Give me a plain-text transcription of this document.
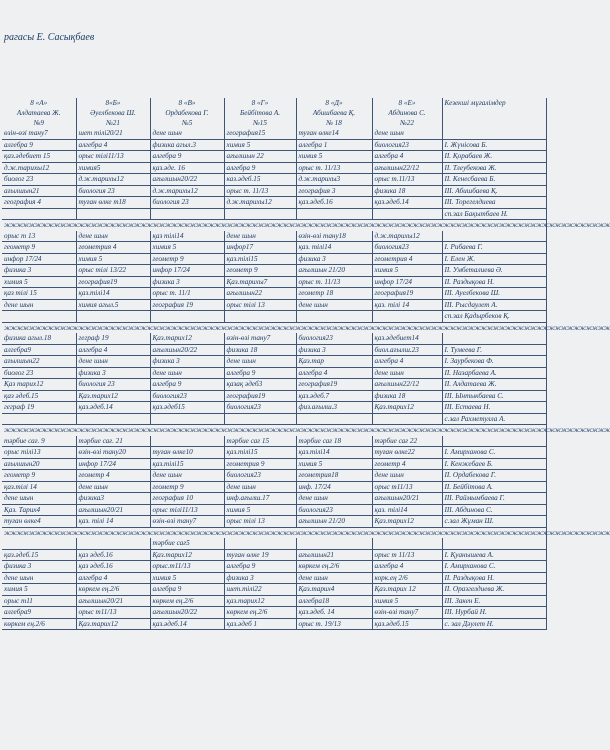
рагасы Е. Сасықбаев
8 «А»	8«Б»	8 «В»	8 «Г»	8 «Д»	8 «Е»	Кезекші мұғалімдер
Алдатаева Ж.	Әуелбекова Ш.	Ордабекова Г.	Бейбітова А.	Абишбаева Қ.	Абдинова С.	
№9	№21	№5	№15	№ 18	№22	
өзін-өзі тану7	шет тілі20/21	дене шын	география15	туған өлке14	дене шын	
алгебра 9	алгебра 4	физика агыл.3	химия 5	алгебра 1	биология23	І. Жүнісова Б.
қаз.әдебиет 15	орыс тілі11/13	алгебра 9	ағылшын 22	химия 5	алгебра 4	ІІ. Қорабаев Ж.
д.ж.тарихы12	химия5	қаз.әде. 16	алгебра 9	орыс т. 11/13	ағылшын22/12	ІІ. Тлеубекова Ж.
биолог 23	д.ж.тарихы12	ағылшын20/22	каз.әдеб.15	д.ж.тарихы3	орыс т.11/13	ІІ. Кенесбаева Б.
ағылшын21	биология 23	д.ж.тарихы12	орыс т. 11/13	география 3	физика 18	ІІІ. Абишбаева Қ.
география 4	туған өлке т18	биология 23	д.ж.тарихы12	қаз.әдеб.16	қаз.әдеб.14	ІІІ. Торегелдиева
						сп.зал Бақытбаев Н.
жжжжжжжжжжжжжжжжжжжжжжжжжжжжжжжжжжжжжжжжжжжжжжжжжжжжжжжжжжжжжжжжжжжжжжжжжжжжжжжжжжжжжжжжжжжжжжжжжж						
орыс т 13	дене шын	қаз тілі14	дене шын	өзін-өзі тану18	д.ж.тарихы12	
геометр 9	геометрия 4	химия 5	инфор17	қаз. тілі14	биология23	І. Рибаева Г.
инфор 17/24	химия 5	геометр 9	қаз.тілі15	физика 3	геометрия 4	І. Елен Ж.
физика 3	орыс тілі 13/22	инфор 17/24	геометр 9	ағылшын 21/20	химия 5	ІІ. Умбеталиева Ә.
химия 5	география19	физика 3	Қаз.тарихы7	орыс т. 11/13	инфор 17/24	ІІ. Раздықова Н.
қаз тілі 15	қаз.тілі14	орыс т. 11/1	ағылшын22	геометр 18	география19	ІІІ. Ауелбекова Ш.
дене шын	химия агыл.5	география 19	орыс тілі 13	дене шын	қаз. тілі 14	ІІІ. Рысдаулет А.
						сп.зал Қадырбеков Қ.
жжжжжжжжжжжжжжжжжжжжжжжжжжжжжжжжжжжжжжжжжжжжжжжжжжжжжжжжжжжжжжжжжжжжжжжжжжжжжжжжжжжжжжжжжжжжжжжжжж						
физика агыл.18	геграф 19	Қаз.тарих12	өзін-өзі тану7	биология23	қаз.әдебиет14	
алгебра9	алгебра 4	ағылшын20/22	физика 18	физика 3	биол.ағылш.23	І. Тумеева Г.
ағылшын22	дене шын	физика 3	дене шын	Қаз.тар	алгебра 4	І. Заурбекова Ф.
биолог 23	физика 3	дене шын	алгебра 9	алгебра 4	дене шын	ІІ. Назарбаева А.
Қаз тарих12	биология 23	алгебра 9	қазақ әдеб3	география19	ағылшын22/12	ІІ. Алдатаева Ж.
қаз әдеб.15	Қаз.тарих12	биология23	география19	қаз.әдеб.7	физика 18	ІІІ. Ынтыкбаева С.
геграф 19	қаз.әдеб.14	қаз.әдеб15	биология23	физ.ағылш.3	Қаз.тарих12	ІІІ. Естаева Н.
						с.зал Рахметулла А.
жжжжжжжжжжжжжжжжжжжжжжжжжжжжжжжжжжжжжжжжжжжжжжжжжжжжжжжжжжжжжжжжжжжжжжжжжжжжжжжжжжжжжжжжжжжжжжжжжж						
тәрбие сағ. 9	тәрбие сағ. 21		тәрбие сағ 15	тәрбие сағ 18	тәрбие сағ 22	
орыс тілі13	өзін-өзі тану20	туған өлке10	қаз.тілі15	қаз.тілі14	туған өлке22	І. Амирханова С.
ағылшын20	инфор 17/24	қаз.тілі15	геометрия 9	химия 5	геометр 4	І. Кенжебаев Б.
геометр 9	геометр 4	дене шын	биология23	геометрия18	дене шын	ІІ. Ордабекова Г.
қаз.тілі 14	дене шын	геометр 9	дене шын	инф. 17/24	орыс т11/13	ІІ. Бейбітова А.
дене шын	физика3	география 10	инф.ағылш.17	дене шын	ағылшын20/21	ІІІ. Раймымбаева Г.
Қаз. Тарих4	ағылшын20/21	орыс тілі11/13	химия 5	биология23	қаз. тілі14	ІІІ. Абдинова С.
туған өлке4	қаз. тілі 14	өзін-өзі тану7	орыс тілі 13	ағылшын 21/20	Қаз.тарих12	с.зал Жұман Ш.
жжжжжжжжжжжжжжжжжжжжжжжжжжжжжжжжжжжжжжжжжжжжжжжжжжжжжжжжжжжжжжжжжжжжжжжжжжжжжжжжжжжжжжжжжжжжжжжжжж						
		тәрбие сағ5				
қаз.әдеб.15	қаз әдеб.16	Қаз.тарих12	туған өлке 19	ағылшын21	орыс т 11/13	І. Қуанышева А.
физика 3	қаз әдеб.16	орыс.т11/13	алгебра 9	көркем ең.2/6	алгебра 4	І. Амирханова С.
дене шын	алгебра 4	химия 5	физика 3	дене шын	корк.ең 2/6	ІІ. Раздықова Н.
химия 5	көркем ең.2/6	алгебра 9	шет.тілі22	Қаз.тарих4	Қаз.тарих 12	ІІ. Оразгелдиева Ж.
орыс т11	ағылшын20/21	көркем ең.2/6	қаз.тарих12	алгебра18	химия 5	ІІІ. Закен Е.
алгебра9	орыс т11/13	ағылшын20/22	көркем ең.2/6	қаз.әдеб. 14	өзін-өзі тану7	ІІІ. Нурбай Н.
көркем ең.2/6	Қаз.тарих12	қаз.әдеб.14	қаз.әдеб 1	орыс т. 19/13	қаз.әдеб.15	с. зал Дәулет Н.
